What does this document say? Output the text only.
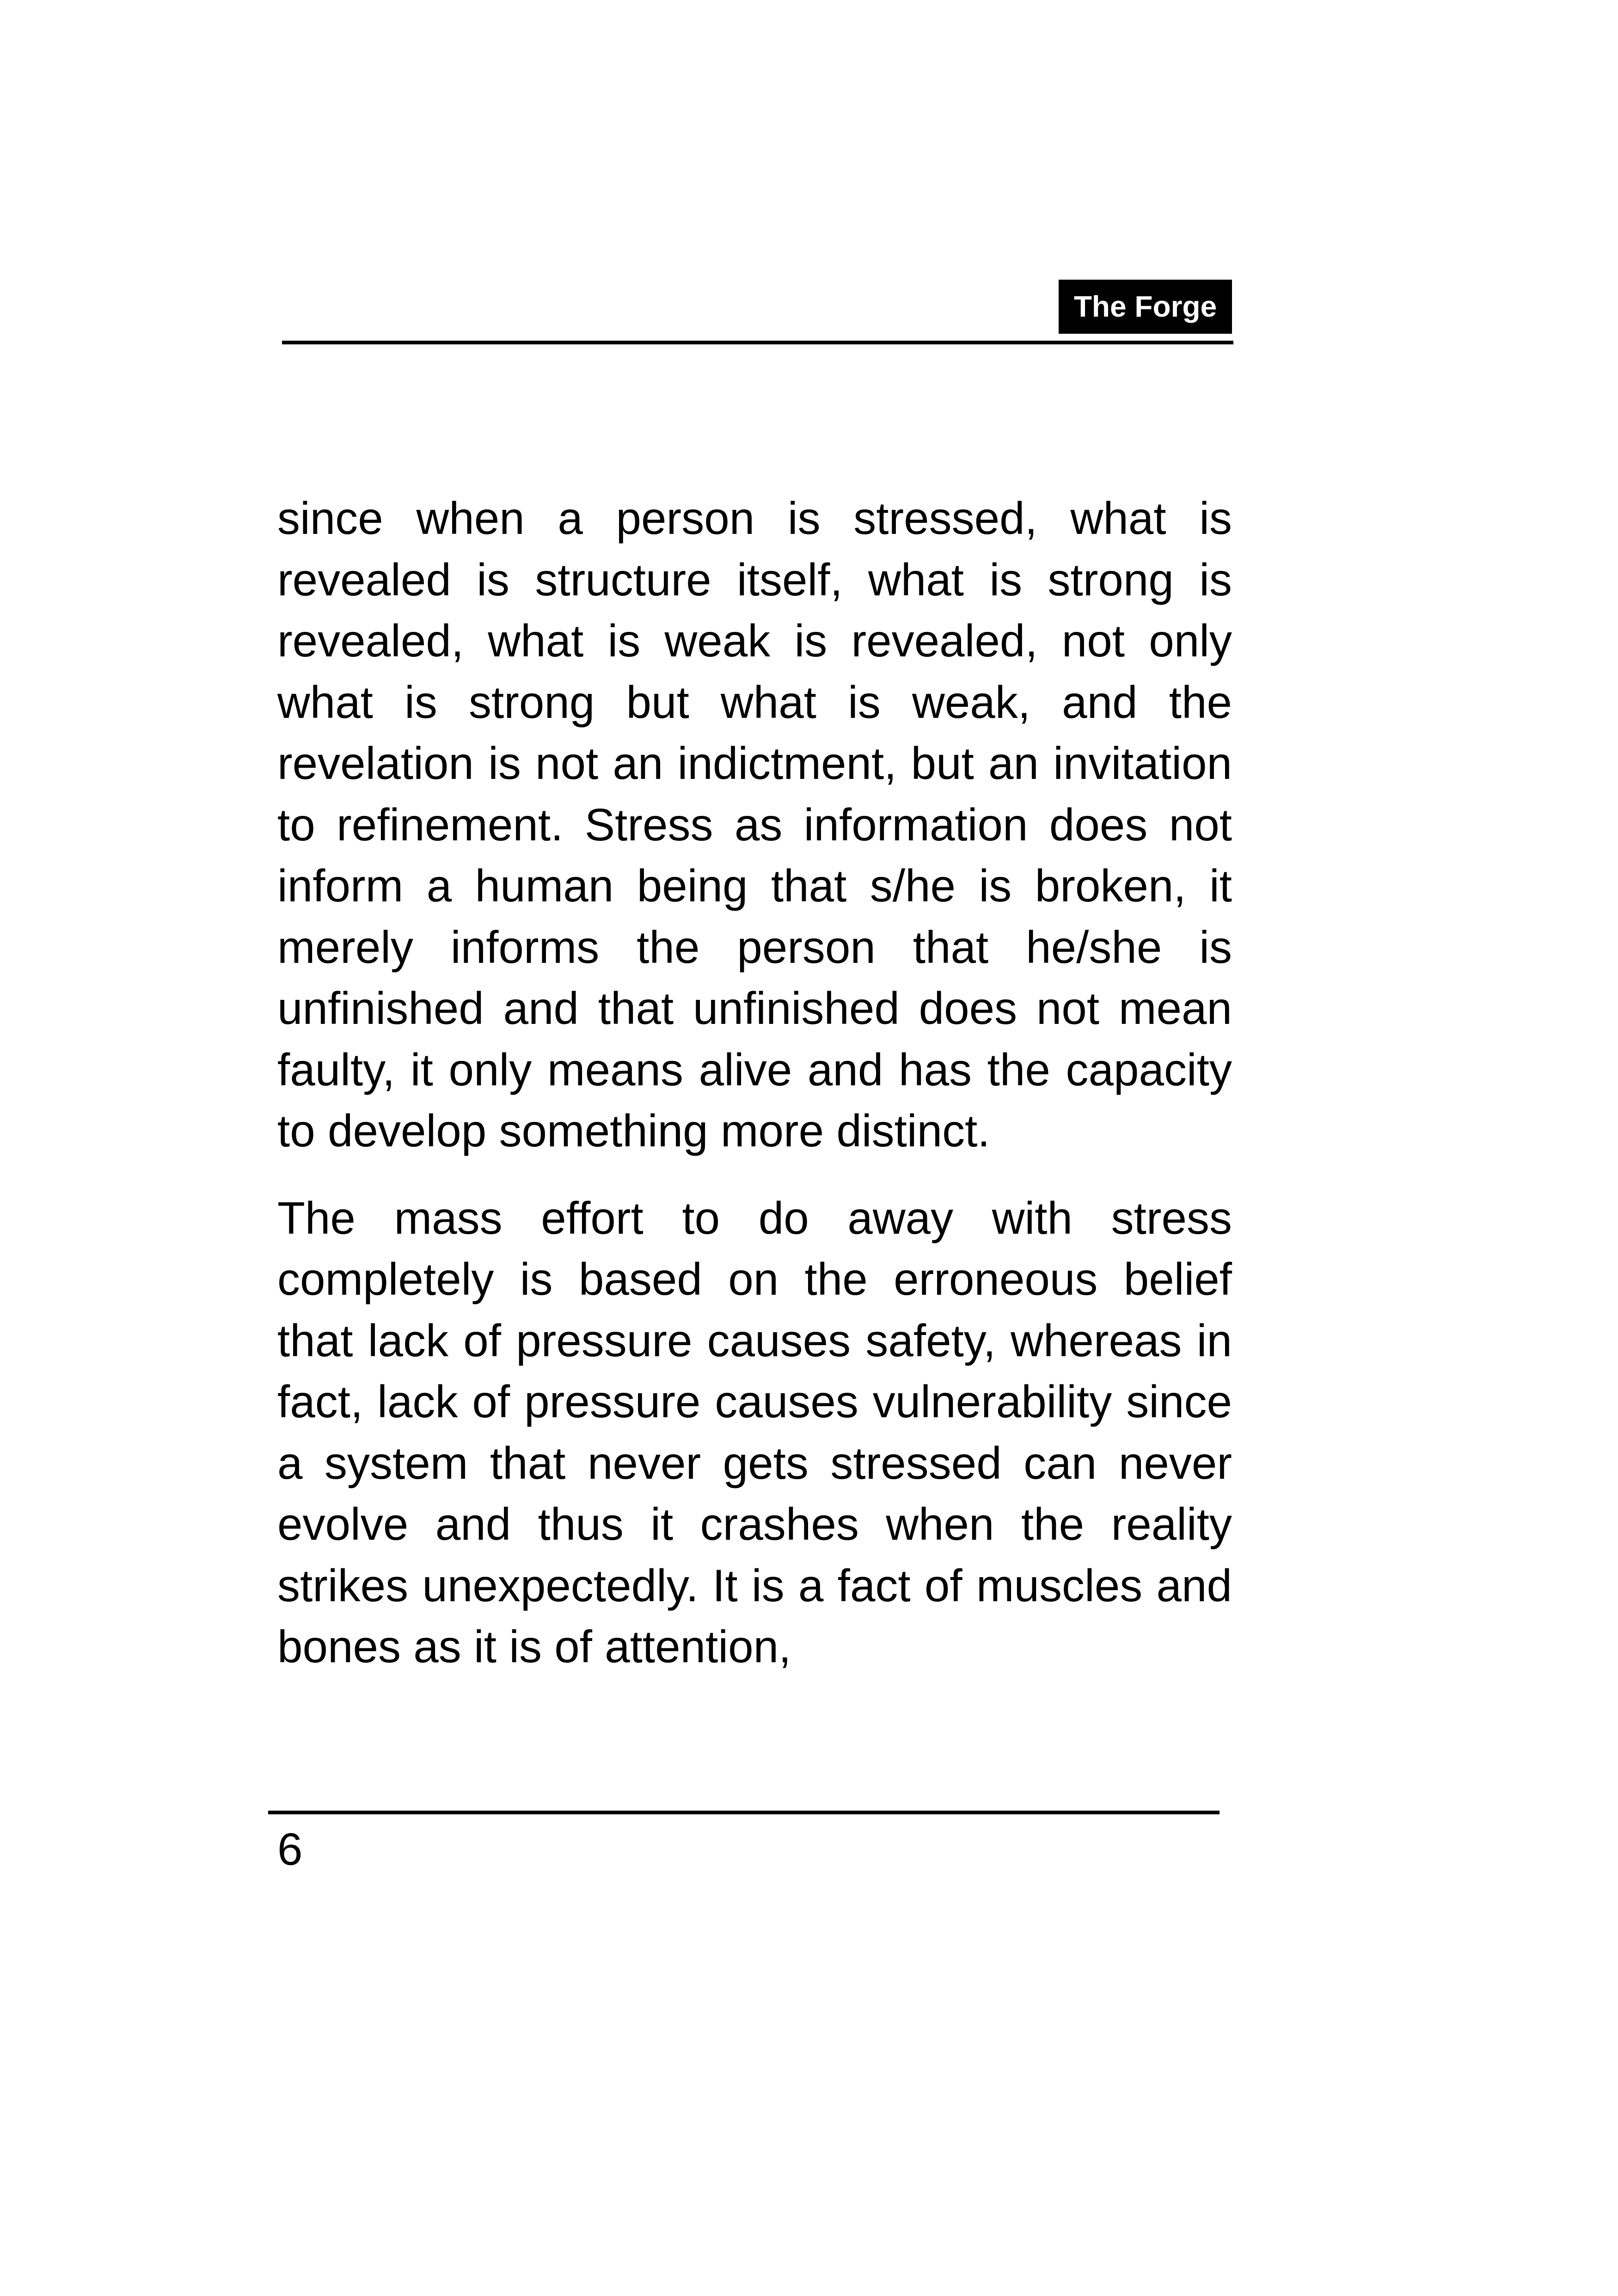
The Forge

since when a person is stressed, what is revealed is structure itself, what is strong is revealed, what is weak is revealed, not only what is strong but what is weak, and the revelation is not an indictment, but an invitation to refinement. Stress as information does not inform a human being that s/he is broken, it merely informs the person that he/she is unfinished and that unfinished does not mean faulty, it only means alive and has the capacity to develop something more distinct.

The mass effort to do away with stress completely is based on the erroneous belief that lack of pressure causes safety, whereas in fact, lack of pressure causes vulnerability since a system that never gets stressed can never evolve and thus it crashes when the reality strikes unexpectedly. It is a fact of muscles and bones as it is of attention,

6
